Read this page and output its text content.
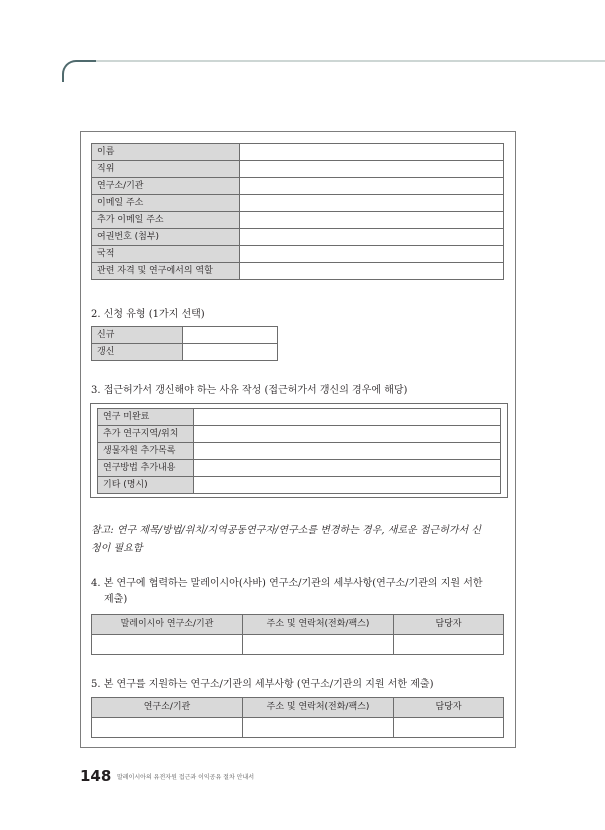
이름	
직위	
연구소/기관	
이메일 주소	
추가 이메일 주소	
여권번호 (첨부)	
국적	
관련 자격 및 연구에서의 역할	
2. 신청 유형 (1가지 선택)
신규	
갱신	
3. 접근허가서 갱신해야 하는 사유 작성 (접근허가서 갱신의 경우에 해당)
연구 미완료	
추가 연구지역/위치	
생물자원 추가목록	
연구방법 추가내용	
기타 (명시)	
참고: 연구 제목/방법/위치/지역공동연구자/연구소를 변경하는 경우, 새로운 접근허가서 신
청이 필요함
4. 본 연구에 협력하는 말레이시아(사바) 연구소/기관의 세부사항(연구소/기관의 지원 서한
제출)
말레이시아 연구소/기관	주소 및 연락처(전화/팩스)	담당자

5. 본 연구를 지원하는 연구소/기관의 세부사항 (연구소/기관의 지원 서한 제출)
연구소/기관	주소 및 연락처(전화/팩스)	담당자

148 말레이시아의 유전자원 접근과 이익공유 절차 안내서
